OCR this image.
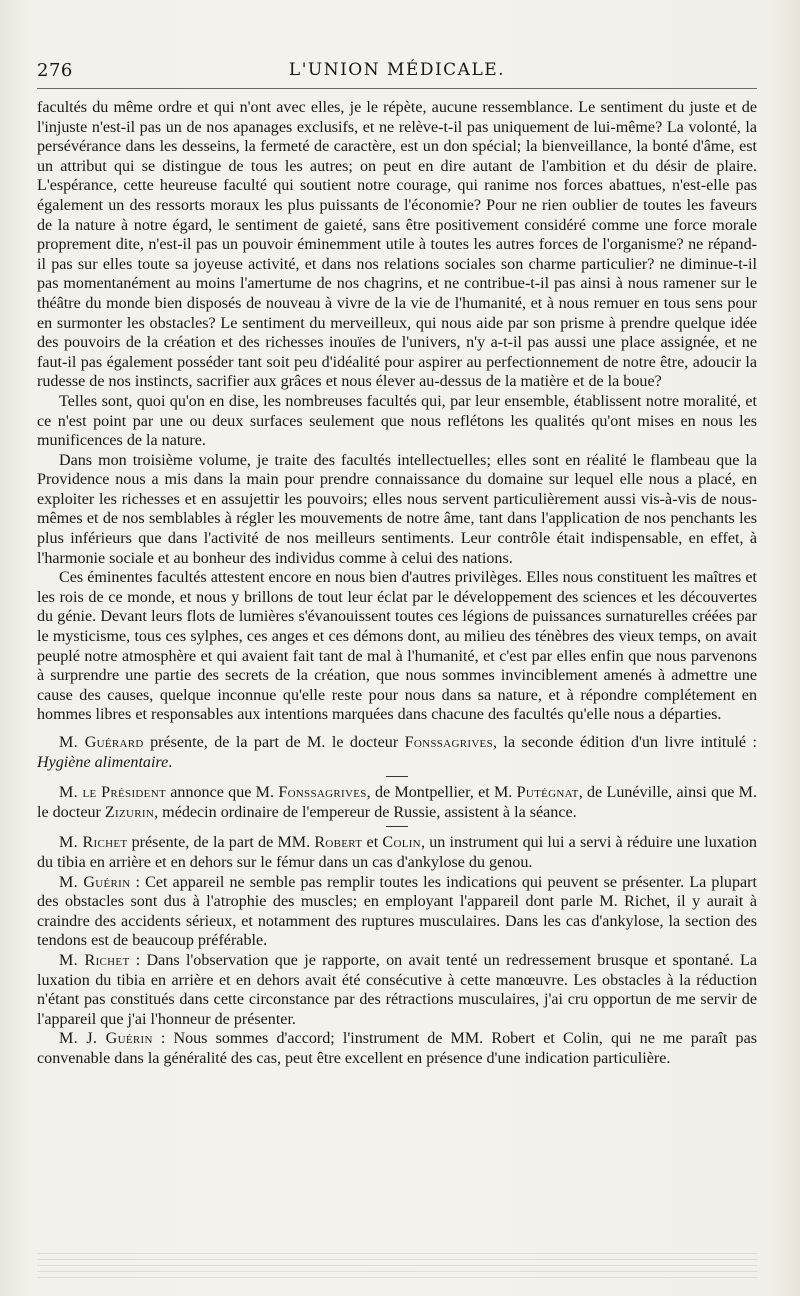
276	L'UNION MÉDICALE.

facultés du même ordre et qui n'ont avec elles, je le répète, aucune ressemblance. Le sentiment du juste et de l'injuste n'est-il pas un de nos apanages exclusifs, et ne relève-t-il pas uniquement de lui-même? La volonté, la persévérance dans les desseins, la fermeté de caractère, est un don spécial; la bienveillance, la bonté d'âme, est un attribut qui se distingue de tous les autres; on peut en dire autant de l'ambition et du désir de plaire. L'espérance, cette heureuse faculté qui soutient notre courage, qui ranime nos forces abattues, n'est-elle pas également un des ressorts moraux les plus puissants de l'économie? Pour ne rien oublier de toutes les faveurs de la nature à notre égard, le sentiment de gaieté, sans être positivement considéré comme une force morale proprement dite, n'est-il pas un pouvoir éminemment utile à toutes les autres forces de l'organisme? ne répand-il pas sur elles toute sa joyeuse activité, et dans nos relations sociales son charme particulier? ne diminue-t-il pas momentanément au moins l'amertume de nos chagrins, et ne contribue-t-il pas ainsi à nous ramener sur le théâtre du monde bien disposés de nouveau à vivre de la vie de l'humanité, et à nous remuer en tous sens pour en surmonter les obstacles? Le sentiment du merveilleux, qui nous aide par son prisme à prendre quelque idée des pouvoirs de la création et des richesses inouïes de l'univers, n'y a-t-il pas aussi une place assignée, et ne faut-il pas également posséder tant soit peu d'idéalité pour aspirer au perfectionnement de notre être, adoucir la rudesse de nos instincts, sacrifier aux grâces et nous élever au-dessus de la matière et de la boue?

Telles sont, quoi qu'on en dise, les nombreuses facultés qui, par leur ensemble, établissent notre moralité, et ce n'est point par une ou deux surfaces seulement que nous reflétons les qualités qu'ont mises en nous les munificences de la nature.

Dans mon troisième volume, je traite des facultés intellectuelles; elles sont en réalité le flambeau que la Providence nous a mis dans la main pour prendre connaissance du domaine sur lequel elle nous a placé, en exploiter les richesses et en assujettir les pouvoirs; elles nous servent particulièrement aussi vis-à-vis de nous-mêmes et de nos semblables à régler les mouvements de notre âme, tant dans l'application de nos penchants les plus inférieurs que dans l'activité de nos meilleurs sentiments. Leur contrôle était indispensable, en effet, à l'harmonie sociale et au bonheur des individus comme à celui des nations.

Ces éminentes facultés attestent encore en nous bien d'autres privilèges. Elles nous constituent les maîtres et les rois de ce monde, et nous y brillons de tout leur éclat par le développement des sciences et les découvertes du génie. Devant leurs flots de lumières s'évanouissent toutes ces légions de puissances surnaturelles créées par le mysticisme, tous ces sylphes, ces anges et ces démons dont, au milieu des ténèbres des vieux temps, on avait peuplé notre atmosphère et qui avaient fait tant de mal à l'humanité, et c'est par elles enfin que nous parvenons à surprendre une partie des secrets de la création, que nous sommes invinciblement amenés à admettre une cause des causes, quelque inconnue qu'elle reste pour nous dans sa nature, et à répondre complétement en hommes libres et responsables aux intentions marquées dans chacune des facultés qu'elle nous a départies.

M. Guérard présente, de la part de M. le docteur Fonssagrives, la seconde édition d'un livre intitulé : Hygiène alimentaire.

M. le Président annonce que M. Fonssagrives, de Montpellier, et M. Putégnat, de Lunéville, ainsi que M. le docteur Zizurin, médecin ordinaire de l'empereur de Russie, assistent à la séance.

M. Richet présente, de la part de MM. Robert et Colin, un instrument qui lui a servi à réduire une luxation du tibia en arrière et en dehors sur le fémur dans un cas d'ankylose du genou.

M. Guérin : Cet appareil ne semble pas remplir toutes les indications qui peuvent se présenter. La plupart des obstacles sont dus à l'atrophie des muscles; en employant l'appareil dont parle M. Richet, il y aurait à craindre des accidents sérieux, et notamment des ruptures musculaires. Dans les cas d'ankylose, la section des tendons est de beaucoup préférable.

M. Richet : Dans l'observation que je rapporte, on avait tenté un redressement brusque et spontané. La luxation du tibia en arrière et en dehors avait été consécutive à cette manœuvre. Les obstacles à la réduction n'étant pas constitués dans cette circonstance par des rétractions musculaires, j'ai cru opportun de me servir de l'appareil que j'ai l'honneur de présenter.

M. J. Guérin : Nous sommes d'accord; l'instrument de MM. Robert et Colin, qui ne me paraît pas convenable dans la généralité des cas, peut être excellent en présence d'une indication particulière.
